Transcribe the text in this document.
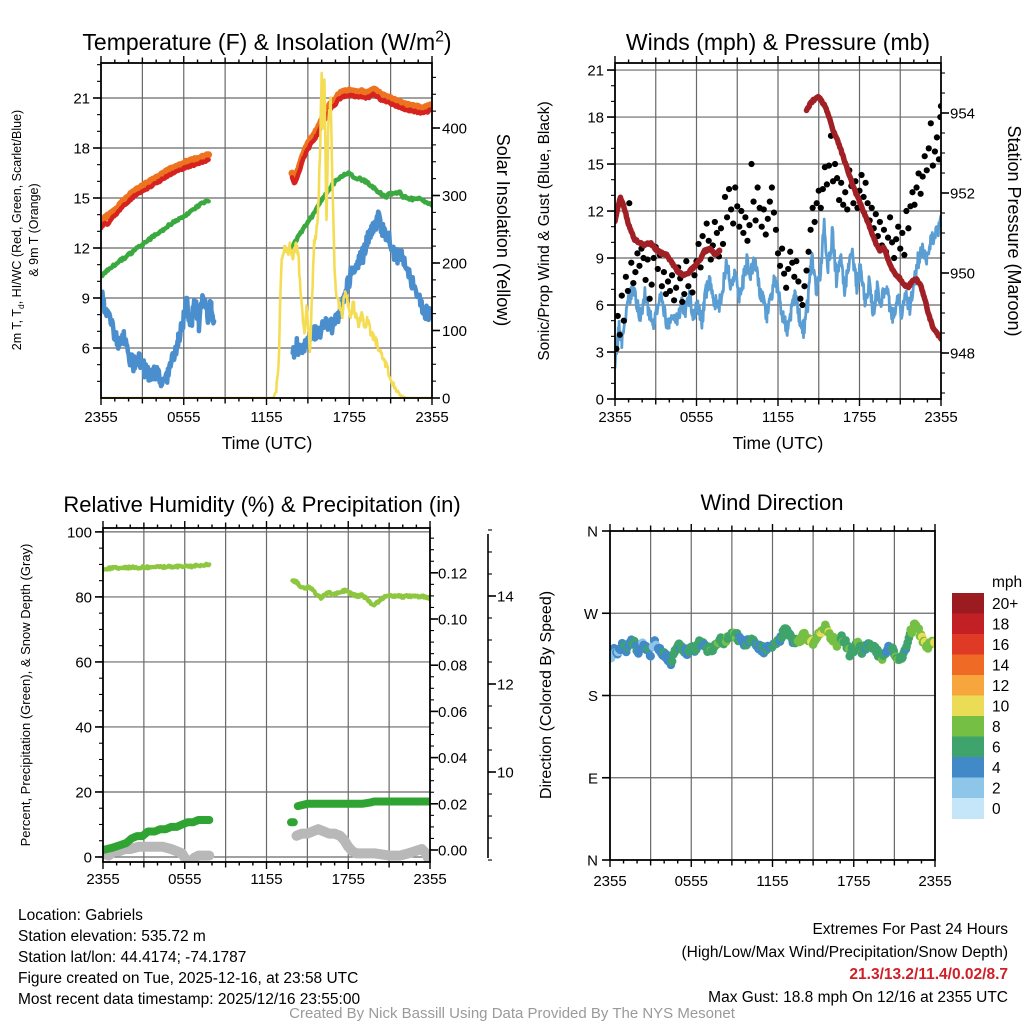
2355	0555	1155	1755	2355
Time (UTC)
21
18
15
12
9
6
400
300
200
100
0
Temperature (F) & Insolation $(W/m^2)$
2m T, $T_d$, HI/WC (Red, Green, Scarlet/Blue) & 9m T (Orange)	Solar Insolation (Yellow)
2355	0555	1155	1755	2355
Time (UTC)
21
18
15
12
9
6
3
0
954
952
950
948
Winds (mph) & Pressure (mb)
Sonic/Prop Wind & Gust (Blue, Black)	Station Pressure (Maroon)
2355	0555	1155	1755	2355
100
80
60
40
20
0
0.12
0.10
0.08
0.06
0.04
0.02
0.00
14
12
10
Relative Humidity (%) & Precipitation (in)
Percent, Precipitation (Green), & Snow Depth (Gray)
2355	0555	1155	1755	2355
N
W
S
E
N
Wind Direction
Direction (Colored By Speed)
mph
20+
18
16
14
12
10
8
6
4
2
0
Location: Gabriels
Station elevation: 535.72 m
Station lat/lon: 44.4174; -74.1787
Figure created on Tue, 2025-12-16, at 23:58 UTC
Most recent data timestamp: 2025/12/16 23:55:00
Extremes For Past 24 Hours
(High/Low/Max Wind/Precipitation/Snow Depth)
21.3/13.2/11.4/0.02/8.7
Max Gust: 18.8 mph On 12/16 at 2355 UTC
Created By Nick Bassill Using Data Provided By The NYS Mesonet
